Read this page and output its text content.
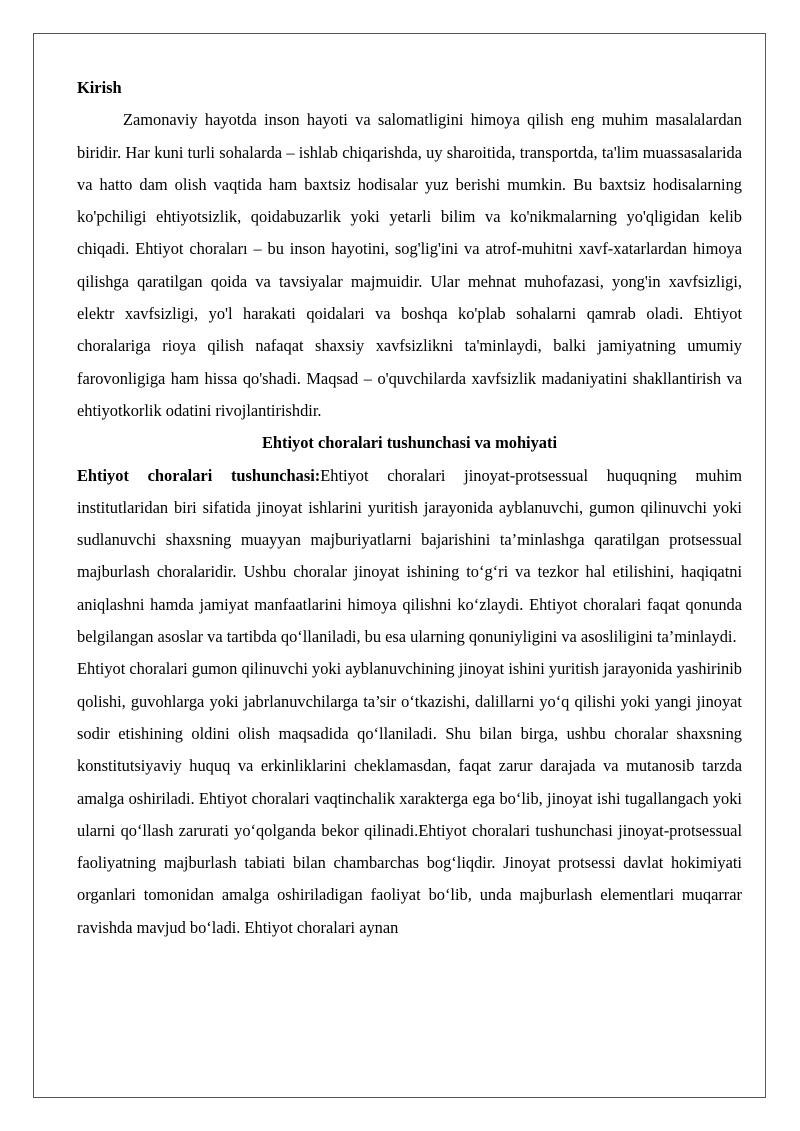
Kirish

Zamonaviy hayotda inson hayoti va salomatligini himoya qilish eng muhim masalalardan biridir. Har kuni turli sohalarda – ishlab chiqarishda, uy sharoitida, transportda, ta'lim muassasalarida va hatto dam olish vaqtida ham baxtsiz hodisalar yuz berishi mumkin. Bu baxtsiz hodisalarning ko'pchiligi ehtiyotsizlik, qoidabuzarlik yoki yetarli bilim va ko'nikmalarning yo'qligidan kelib chiqadi. Ehtiyot choraları – bu inson hayotini, sog'lig'ini va atrof-muhitni xavf-xatarlardan himoya qilishga qaratilgan qoida va tavsiyalar majmuidir. Ular mehnat muhofazasi, yong'in xavfsizligi, elektr xavfsizligi, yo'l harakati qoidalari va boshqa ko'plab sohalarni qamrab oladi. Ehtiyot choralariga rioya qilish nafaqat shaxsiy xavfsizlikni ta'minlaydi, balki jamiyatning umumiy farovonligiga ham hissa qo'shadi. Maqsad – o'quvchilarda xavfsizlik madaniyatini shakllantirish va ehtiyotkorlik odatini rivojlantirishdir.

Ehtiyot choralari tushunchasi va mohiyati

Ehtiyot choralari tushunchasi:Ehtiyot choralari jinoyat-protsessual huquqning muhim institutlaridan biri sifatida jinoyat ishlarini yuritish jarayonida ayblanuvchi, gumon qilinuvchi yoki sudlanuvchi shaxsning muayyan majburiyatlarni bajarishini ta’minlashga qaratilgan protsessual majburlash choralaridir. Ushbu choralar jinoyat ishining to‘g‘ri va tezkor hal etilishini, haqiqatni aniqlashni hamda jamiyat manfaatlarini himoya qilishni ko‘zlaydi. Ehtiyot choralari faqat qonunda belgilangan asoslar va tartibda qo‘llaniladi, bu esa ularning qonuniyligini va asosliligini ta’minlaydi.

Ehtiyot choralari gumon qilinuvchi yoki ayblanuvchining jinoyat ishini yuritish jarayonida yashirinib qolishi, guvohlarga yoki jabrlanuvchilarga ta’sir o‘tkazishi, dalillarni yo‘q qilishi yoki yangi jinoyat sodir etishining oldini olish maqsadida qo‘llaniladi. Shu bilan birga, ushbu choralar shaxsning konstitutsiyaviy huquq va erkinliklarini cheklamasdan, faqat zarur darajada va mutanosib tarzda amalga oshiriladi. Ehtiyot choralari vaqtinchalik xarakterga ega bo‘lib, jinoyat ishi tugallangach yoki ularni qo‘llash zarurati yo‘qolganda bekor qilinadi.Ehtiyot choralari tushunchasi jinoyat-protsessual faoliyatning majburlash tabiati bilan chambarchas bog‘liqdir. Jinoyat protsessi davlat hokimiyati organlari tomonidan amalga oshiriladigan faoliyat bo‘lib, unda majburlash elementlari muqarrar ravishda mavjud bo‘ladi. Ehtiyot choralari aynan
